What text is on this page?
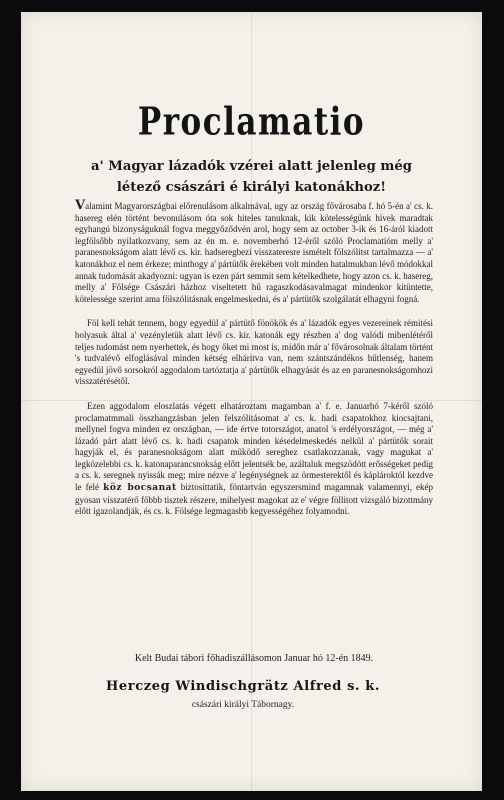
Proclamatio
a' Magyar lázadók vzérei alatt jelenleg még
létező császári é királyi katonákhoz!

Valamint Magyarországbai előrenulásom alkalmával, ugy az ország fővárosaba f. hó 5-én a' cs. k. hasereg elén történt bevonulásom óta sok hiteles tanuknak, kik kötelességünk hívek maradtak egyhangú bizonyságuknál fogva meggyőződvén arol, hogy sem az october 3-ik és 16-áról kiadott legfölsőbb nyilatkozvany, sem az én m. e. novemberhó 12-éről szóló Proclamatióm melly a' paranesnokságom alatt lévő cs. kir. hadseregbezi visszateresre ismételt fölszólitst tartalmazza — a' katonákhoz el nem érkeze; minthogy a' pártütők érekében volt minden hatalmukban lévő módokkal annak tudomását akadyozni: ugyan is ezen párt semmit sem kételkedhete, hogy azon cs. k. hasereg, melly a' Fölsége Császári házhoz viseltetett hű ragaszkodásavalmagat mindenkor kitüntette, kötelessége szerint ama fölszólitásnak engelmeskedni, és a' pártütők szolgálatát elhagyni fogná.

Föl kell tehát tennem, hogy egyedül a' pártütő fönökök és a' lázadók egyes vezereinek rémitési bolyasuk által a' vezényletük alatt lévő cs. kir. katonák egy részben a' dog valódi mibenlétéről teljes tudomást nem nyerhettek, és hogy őket mi most is, midőn már a' fővárosolnak általam történt 's tudvalévő elfoglásával minden kétség elháritva van, nem szántszándékos hűtlenség, hanem egyedül jövő sorsokról aggodalom tartóztatja a' pártütők elhagyását és az en paranesnokságomhozi visszatérésétől.

Ezen aggodalom eloszlatás végett elhatároztam magamban a' f. e. Januarhó 7-kéről szóló proclamatmmali összhangzásban jelen felszólitásomat a' cs. k. hadi csapatokhoz kiocsajtani, mellynel fogva minden ez országban, — ide értve totországot, anatol 's erdélyországot, — még a' lázadó párt alatt lévő cs. k. hadi csapatok minden késedelmeskedés nelkül a' pártütők sorait hagyják el, és paranesnokságom alatt működő sereghez csatlakozzanak, vagy magukat a' legközelebbi cs. k. katonaparancsnokság előtt jelentsék be, azáltaluk megszödött erősségeket pedig a cs. k. seregnek nyissák meg; mire nézve a' legénységnek az örmesterektől és káplároktól kezdve le felé köz bocsanat biztosíttatik, föntartván egyszersmind magamnak valamennyi, ekép gyosan visszatérő főbbb tisztek részere, mihelyest magokat az e' végre föllitott vizsgáló bizottmány előtt igazolandják, és cs. k. Fölsége legmagasbb kegyességéhez folyamodni.

Kelt Budai tábori főhadiszállásomon Januar hó 12-én 1849.
Herczeg Windischgrätz Alfred s. k.
császári királyi Tábornagy.
